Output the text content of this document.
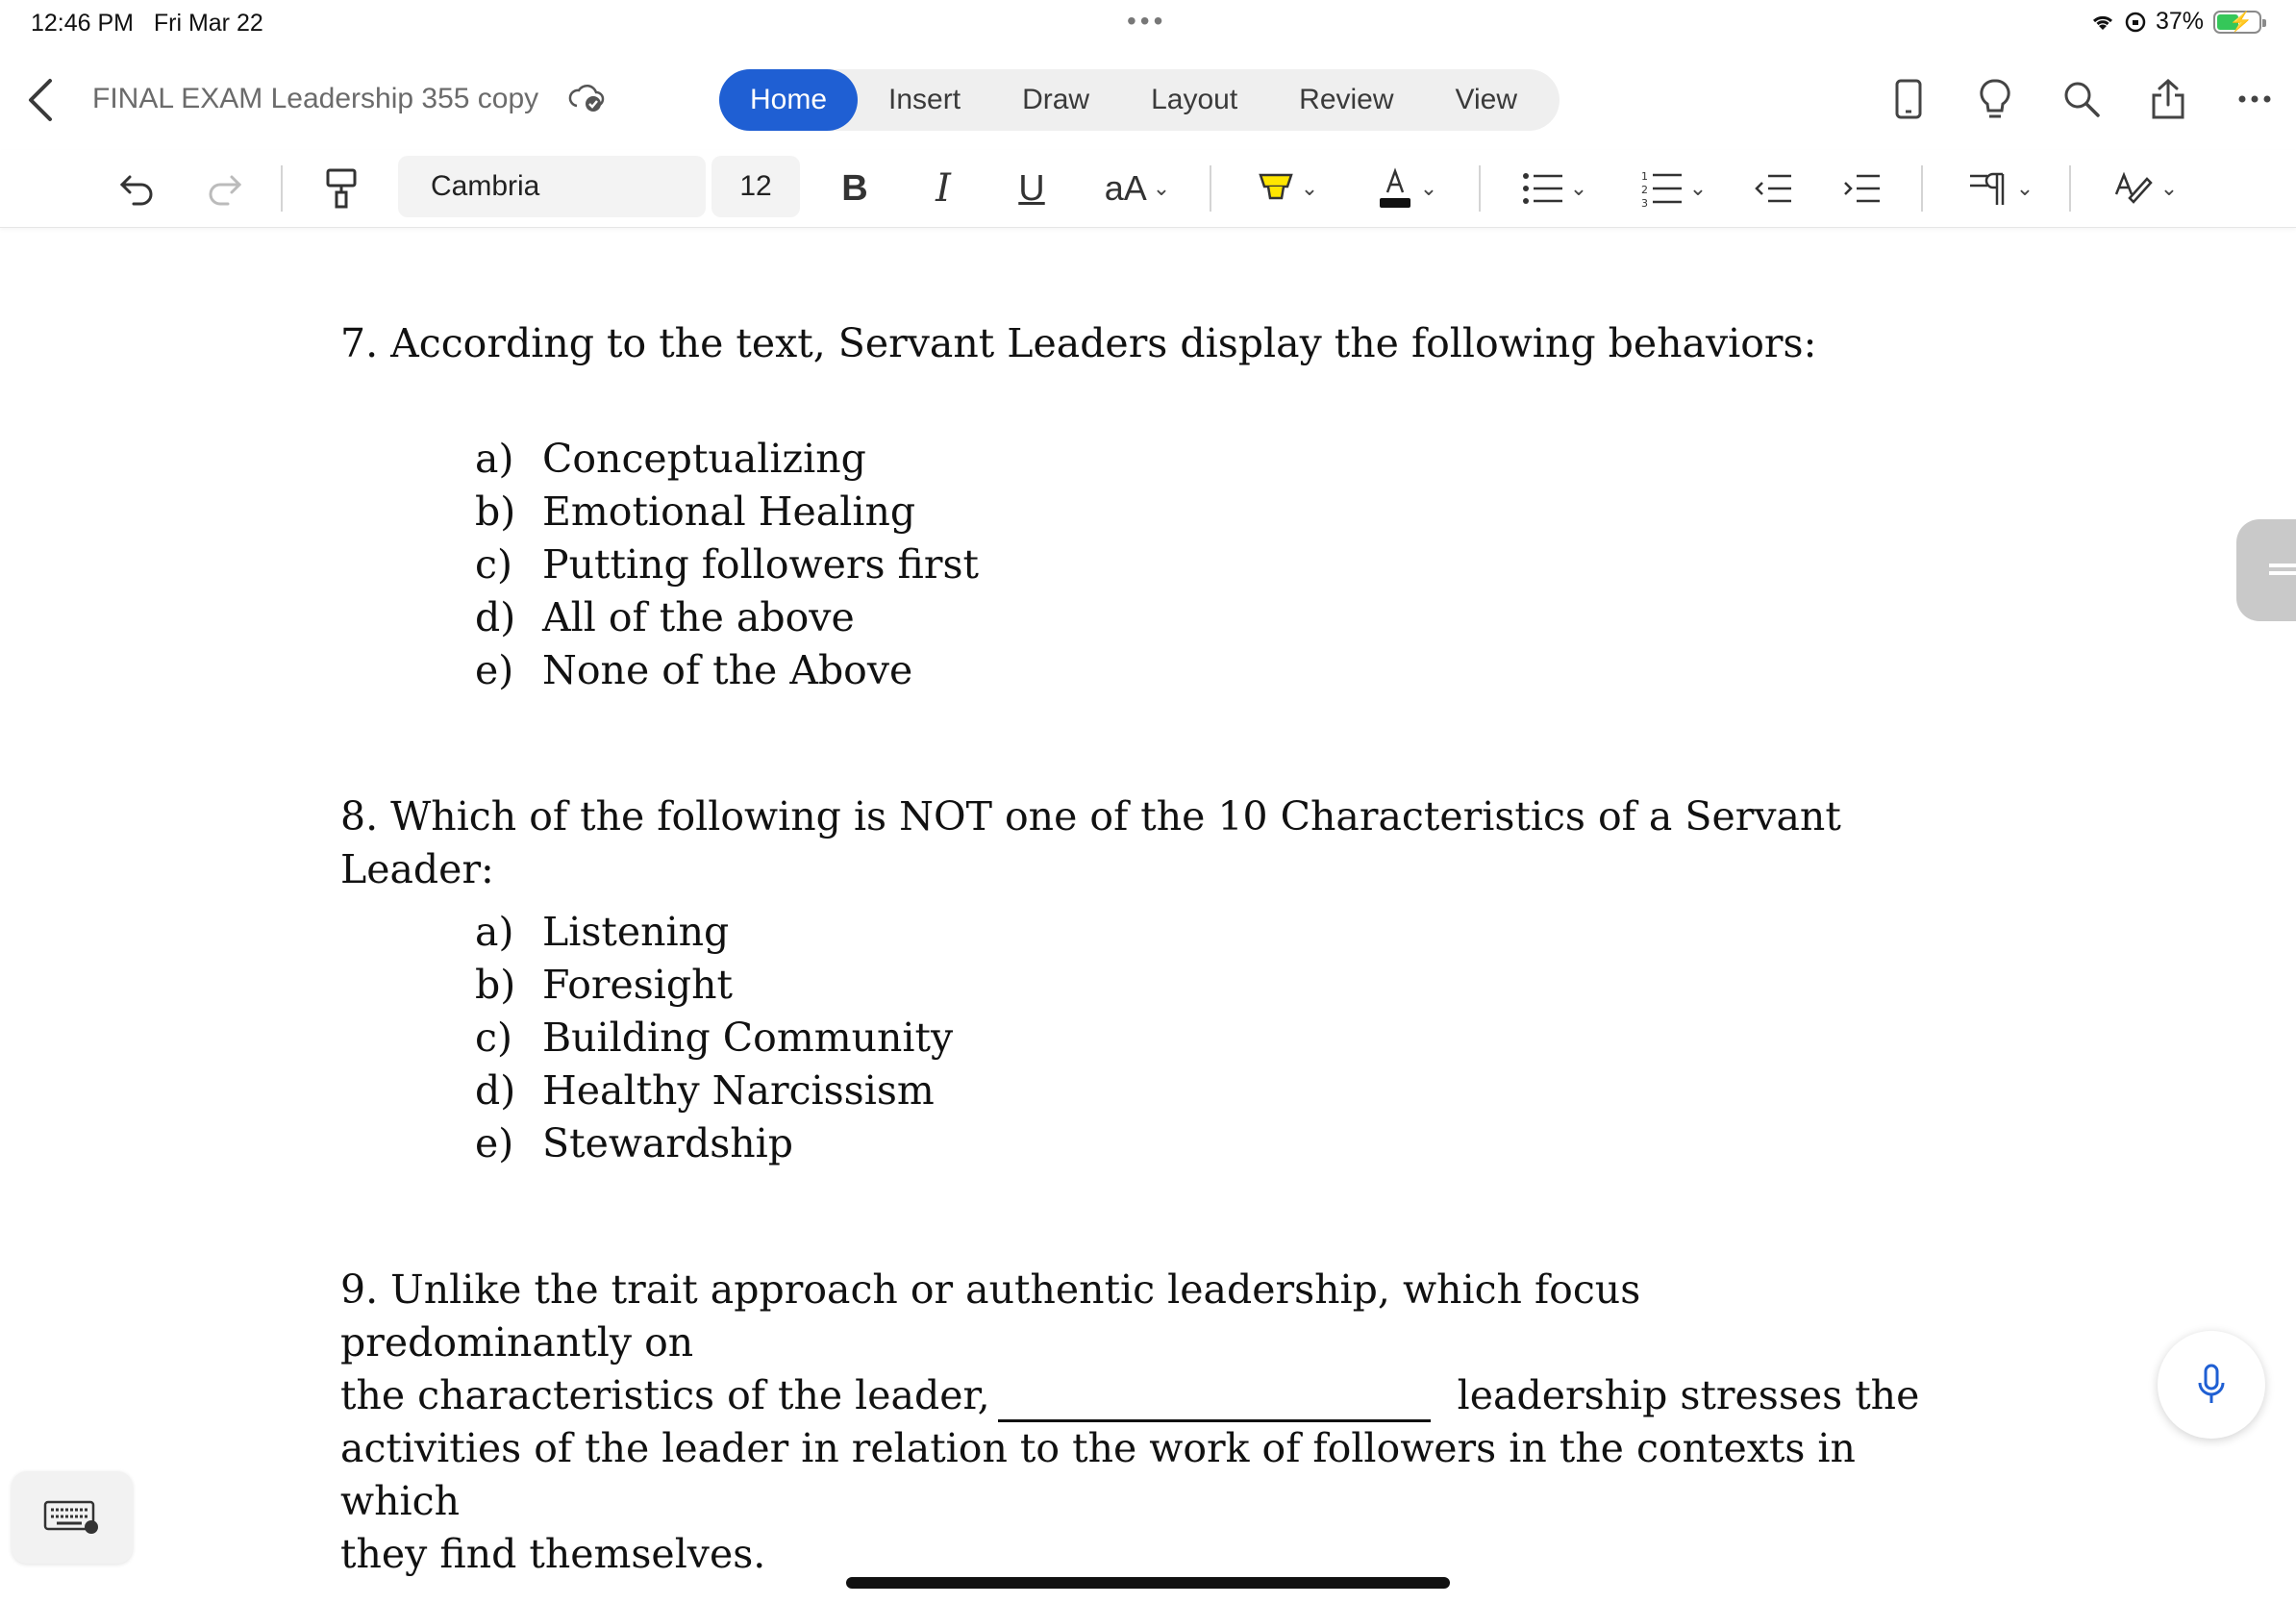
12:46 PM Fri Mar 22	•••	37% ⚡
FINAL EXAM Leadership 355 copy	Home	Insert	Draw	Layout	Review	View
Cambria	12	B	I	U	aA ⌄	⌄	⌄	⌄	1
2
3
⌄	⌄	⌄
7. According to the text, Servant Leaders display the following behaviors:
a) Conceptualizing
b) Emotional Healing
c) Putting followers first
d) All of the above
e) None of the Above
8. Which of the following is NOT one of the 10 Characteristics of a Servant Leader:
a) Listening
b) Foresight
c) Building Community
d) Healthy Narcissism
e) Stewardship
9. Unlike the trait approach or authentic leadership, which focus predominantly on
the characteristics of the leader,	leadership stresses the
activities of the leader in relation to the work of followers in the contexts in which
they find themselves.
